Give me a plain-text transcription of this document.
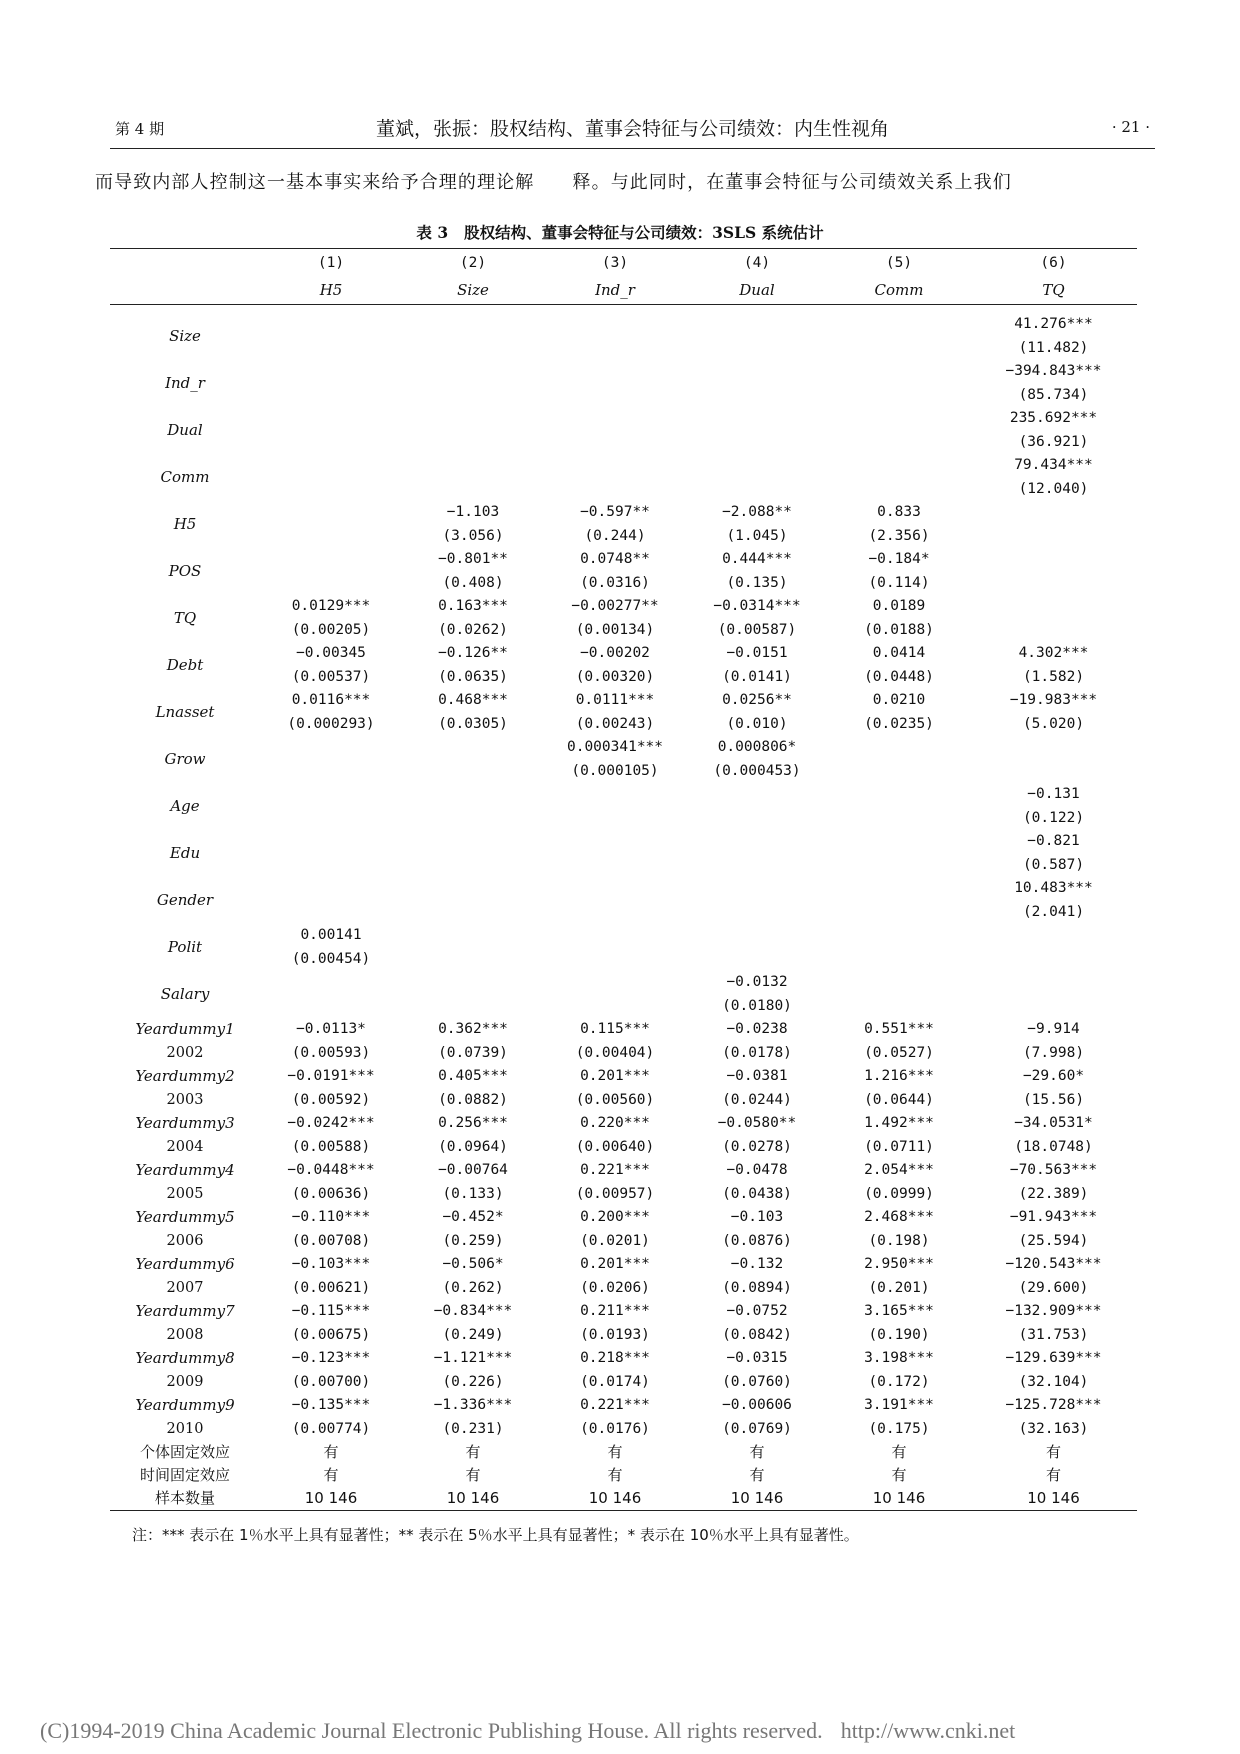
第 4 期	董斌，张振：股权结构、董事会特征与公司绩效：内生性视角	· 21 ·
而导致内部人控制这一基本事实来给予合理的理论解　　释。与此同时，在董事会特征与公司绩效关系上我们
表 3 股权结构、董事会特征与公司绩效：3SLS 系统估计
	(1)	(2)	(3)	(4)	(5)	(6)
	H5	Size	Ind_r	Dual	Comm	TQ
Size						41.276***
						(11.482)
Ind_r						−394.843***
						(85.734)
Dual						235.692***
						(36.921)
Comm						79.434***
						(12.040)
H5		−1.103	−0.597**	−2.088**	0.833	
		(3.056)	(0.244)	(1.045)	(2.356)	
POS		−0.801**	0.0748**	0.444***	−0.184*	
		(0.408)	(0.0316)	(0.135)	(0.114)	
TQ	0.0129***	0.163***	−0.00277**	−0.0314***	0.0189	
	(0.00205)	(0.0262)	(0.00134)	(0.00587)	(0.0188)	
Debt	−0.00345	−0.126**	−0.00202	−0.0151	0.0414	4.302***
	(0.00537)	(0.0635)	(0.00320)	(0.0141)	(0.0448)	(1.582)
Lnasset	0.0116***	0.468***	0.0111***	0.0256**	0.0210	−19.983***
	(0.000293)	(0.0305)	(0.00243)	(0.010)	(0.0235)	(5.020)
Grow			0.000341***	0.000806*		
			(0.000105)	(0.000453)		
Age						−0.131
						(0.122)
Edu						−0.821
						(0.587)
Gender						10.483***
						(2.041)
Polit	0.00141					
	(0.00454)					
Salary				−0.0132		
				(0.0180)		
Yeardummy1	−0.0113*	0.362***	0.115***	−0.0238	0.551***	−9.914
2002	(0.00593)	(0.0739)	(0.00404)	(0.0178)	(0.0527)	(7.998)
Yeardummy2	−0.0191***	0.405***	0.201***	−0.0381	1.216***	−29.60*
2003	(0.00592)	(0.0882)	(0.00560)	(0.0244)	(0.0644)	(15.56)
Yeardummy3	−0.0242***	0.256***	0.220***	−0.0580**	1.492***	−34.0531*
2004	(0.00588)	(0.0964)	(0.00640)	(0.0278)	(0.0711)	(18.0748)
Yeardummy4	−0.0448***	−0.00764	0.221***	−0.0478	2.054***	−70.563***
2005	(0.00636)	(0.133)	(0.00957)	(0.0438)	(0.0999)	(22.389)
Yeardummy5	−0.110***	−0.452*	0.200***	−0.103	2.468***	−91.943***
2006	(0.00708)	(0.259)	(0.0201)	(0.0876)	(0.198)	(25.594)
Yeardummy6	−0.103***	−0.506*	0.201***	−0.132	2.950***	−120.543***
2007	(0.00621)	(0.262)	(0.0206)	(0.0894)	(0.201)	(29.600)
Yeardummy7	−0.115***	−0.834***	0.211***	−0.0752	3.165***	−132.909***
2008	(0.00675)	(0.249)	(0.0193)	(0.0842)	(0.190)	(31.753)
Yeardummy8	−0.123***	−1.121***	0.218***	−0.0315	3.198***	−129.639***
2009	(0.00700)	(0.226)	(0.0174)	(0.0760)	(0.172)	(32.104)
Yeardummy9	−0.135***	−1.336***	0.221***	−0.00606	3.191***	−125.728***
2010	(0.00774)	(0.231)	(0.0176)	(0.0769)	(0.175)	(32.163)
个体固定效应	有	有	有	有	有	有
时间固定效应	有	有	有	有	有	有
样本数量	10 146	10 146	10 146	10 146	10 146	10 146
注：*** 表示在 1％水平上具有显著性；** 表示在 5％水平上具有显著性；* 表示在 10％水平上具有显著性。
(C)1994-2019 China Academic Journal Electronic Publishing House. All rights reserved. http://www.cnki.net
